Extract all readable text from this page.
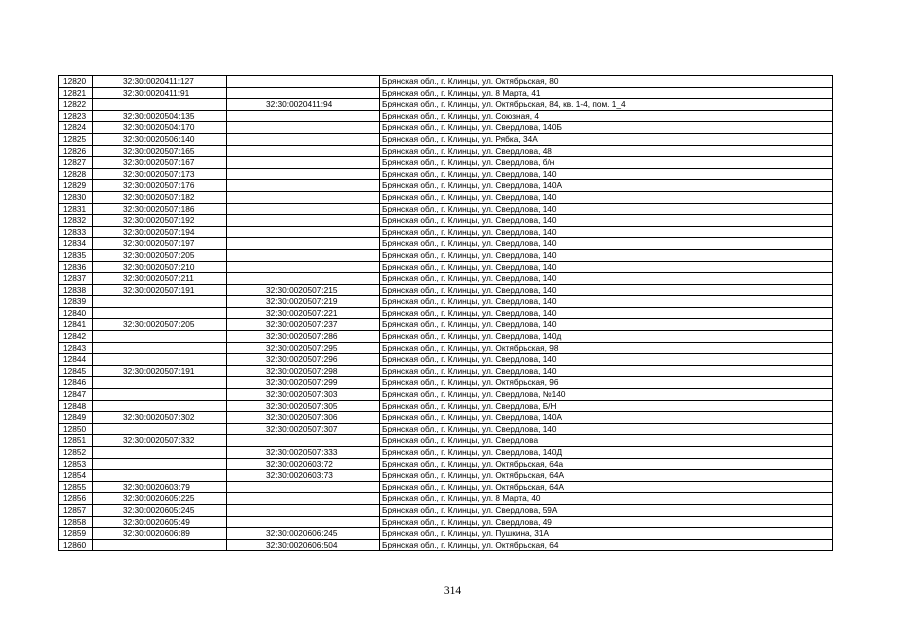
12820	32:30:0020411:127		Брянская обл., г. Клинцы, ул. Октябрьская, 80
12821	32:30:0020411:91		Брянская обл., г. Клинцы, ул. 8 Марта, 41
12822		32:30:0020411:94	Брянская обл., г. Клинцы, ул. Октябрьская, 84, кв. 1-4, пом. 1_4
12823	32:30:0020504:135		Брянская обл., г. Клинцы, ул. Союзная, 4
12824	32:30:0020504:170		Брянская обл., г. Клинцы, ул. Свердлова, 140Б
12825	32:30:0020506:140		Брянская обл., г. Клинцы, ул. Рябка, 34А
12826	32:30:0020507:165		Брянская обл., г. Клинцы, ул. Свердлова, 48
12827	32:30:0020507:167		Брянская обл., г. Клинцы, ул. Свердлова, б/н
12828	32:30:0020507:173		Брянская обл., г. Клинцы, ул. Свердлова, 140
12829	32:30:0020507:176		Брянская обл., г. Клинцы, ул. Свердлова, 140А
12830	32:30:0020507:182		Брянская обл., г. Клинцы, ул. Свердлова, 140
12831	32:30:0020507:186		Брянская обл., г. Клинцы, ул. Свердлова, 140
12832	32:30:0020507:192		Брянская обл., г. Клинцы, ул. Свердлова, 140
12833	32:30:0020507:194		Брянская обл., г. Клинцы, ул. Свердлова, 140
12834	32:30:0020507:197		Брянская обл., г. Клинцы, ул. Свердлова, 140
12835	32:30:0020507:205		Брянская обл., г. Клинцы, ул. Свердлова, 140
12836	32:30:0020507:210		Брянская обл., г. Клинцы, ул. Свердлова, 140
12837	32:30:0020507:211		Брянская обл., г. Клинцы, ул. Свердлова, 140
12838	32:30:0020507:191	32:30:0020507:215	Брянская обл., г. Клинцы, ул. Свердлова, 140
12839		32:30:0020507:219	Брянская обл., г. Клинцы, ул. Свердлова, 140
12840		32:30:0020507:221	Брянская обл., г. Клинцы, ул. Свердлова, 140
12841	32:30:0020507:205	32:30:0020507:237	Брянская обл., г. Клинцы, ул. Свердлова, 140
12842		32:30:0020507:286	Брянская обл., г. Клинцы, ул. Свердлова, 140д
12843		32:30:0020507:295	Брянская обл., г. Клинцы, ул. Октябрьская, 98
12844		32:30:0020507:296	Брянская обл., г. Клинцы, ул. Свердлова, 140
12845	32:30:0020507:191	32:30:0020507:298	Брянская обл., г. Клинцы, ул. Свердлова, 140
12846		32:30:0020507:299	Брянская обл., г. Клинцы, ул. Октябрьская, 96
12847		32:30:0020507:303	Брянская обл., г. Клинцы, ул. Свердлова, №140
12848		32:30:0020507:305	Брянская обл., г. Клинцы, ул. Свердлова, Б/Н
12849	32:30:0020507:302	32:30:0020507:306	Брянская обл., г. Клинцы, ул. Свердлова, 140А
12850		32:30:0020507:307	Брянская обл., г. Клинцы, ул. Свердлова, 140
12851	32:30:0020507:332		Брянская обл., г. Клинцы, ул. Свердлова
12852		32:30:0020507:333	Брянская обл., г. Клинцы, ул. Свердлова, 140Д
12853		32:30:0020603:72	Брянская обл., г. Клинцы, ул. Октябрьская, 64а
12854		32:30:0020603:73	Брянская обл., г. Клинцы, ул. Октябрьская, 64А
12855	32:30:0020603:79		Брянская обл., г. Клинцы, ул. Октябрьская, 64А
12856	32:30:0020605:225		Брянская обл., г. Клинцы, ул. 8 Марта, 40
12857	32:30:0020605:245		Брянская обл., г. Клинцы, ул. Свердлова, 59А
12858	32:30:0020605:49		Брянская обл., г. Клинцы, ул. Свердлова, 49
12859	32:30:0020606:89	32:30:0020606:245	Брянская обл., г. Клинцы, ул. Пушкина, 31А
12860		32:30:0020606:504	Брянская обл., г. Клинцы, ул. Октябрьская, 64
314
